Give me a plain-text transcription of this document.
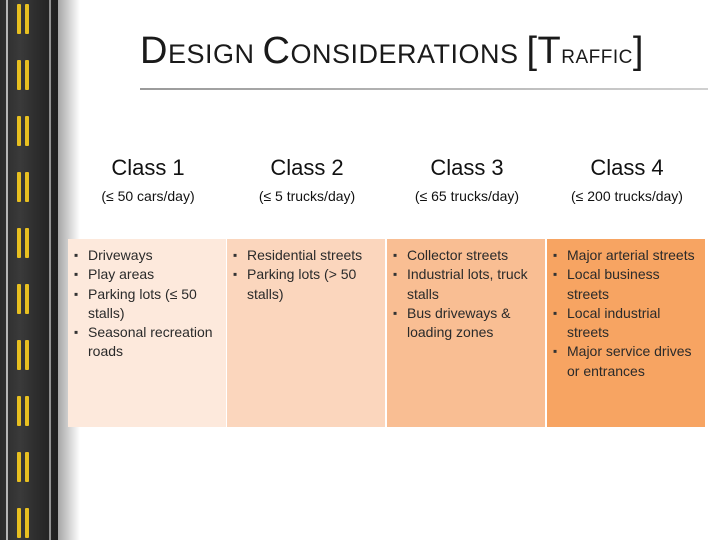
DESIGN CONSIDERATIONS [TRAFFIC]
Class 1
(≤ 50 cars/day)
▪ Driveways
▪ Play areas
▪ Parking lots (≤ 50 stalls)
▪ Seasonal recreation roads
Class 2
(≤ 5 trucks/day)
▪ Residential streets
▪ Parking lots (> 50 stalls)
Class 3
(≤ 65 trucks/day)
▪ Collector streets
▪ Industrial lots, truck stalls
▪ Bus driveways & loading zones
Class 4
(≤ 200 trucks/day)
▪ Major arterial streets
▪ Local business streets
▪ Local industrial streets
▪ Major service drives or entrances
